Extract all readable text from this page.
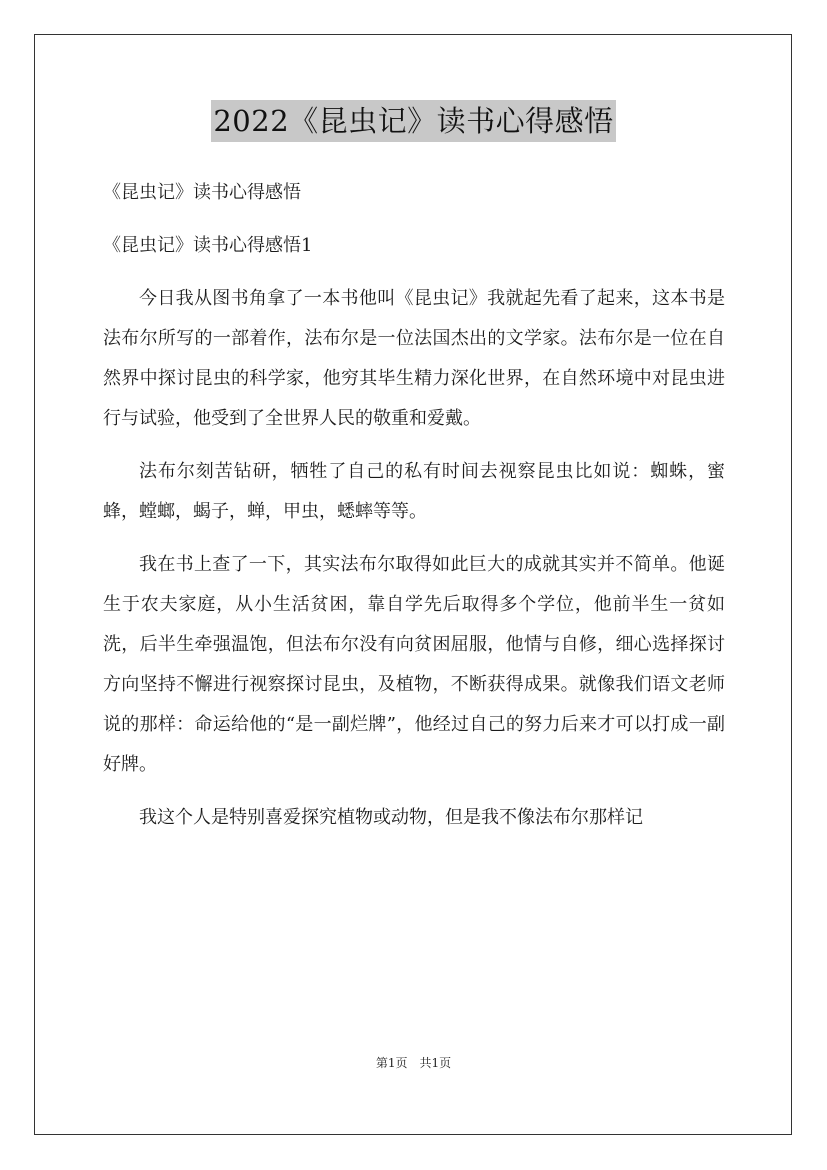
2022《昆虫记》读书心得感悟

《昆虫记》读书心得感悟

《昆虫记》读书心得感悟1

今日我从图书角拿了一本书他叫《昆虫记》我就起先看了起来，这本书是法布尔所写的一部着作，法布尔是一位法国杰出的文学家。法布尔是一位在自然界中探讨昆虫的科学家，他穷其毕生精力深化世界，在自然环境中对昆虫进行与试验，他受到了全世界人民的敬重和爱戴。

法布尔刻苦钻研，牺牲了自己的私有时间去视察昆虫比如说：蜘蛛，蜜蜂，螳螂，蝎子，蝉，甲虫，蟋蟀等等。

我在书上查了一下，其实法布尔取得如此巨大的成就其实并不简单。他诞生于农夫家庭，从小生活贫困，靠自学先后取得多个学位，他前半生一贫如洗，后半生牵强温饱，但法布尔没有向贫困屈服，他情与自修，细心选择探讨方向坚持不懈进行视察探讨昆虫，及植物，不断获得成果。就像我们语文老师说的那样：命运给他的“是一副烂牌”，他经过自己的努力后来才可以打成一副好牌。

我这个人是特别喜爱探究植物或动物，但是我不像法布尔那样记

第1页　共1页
